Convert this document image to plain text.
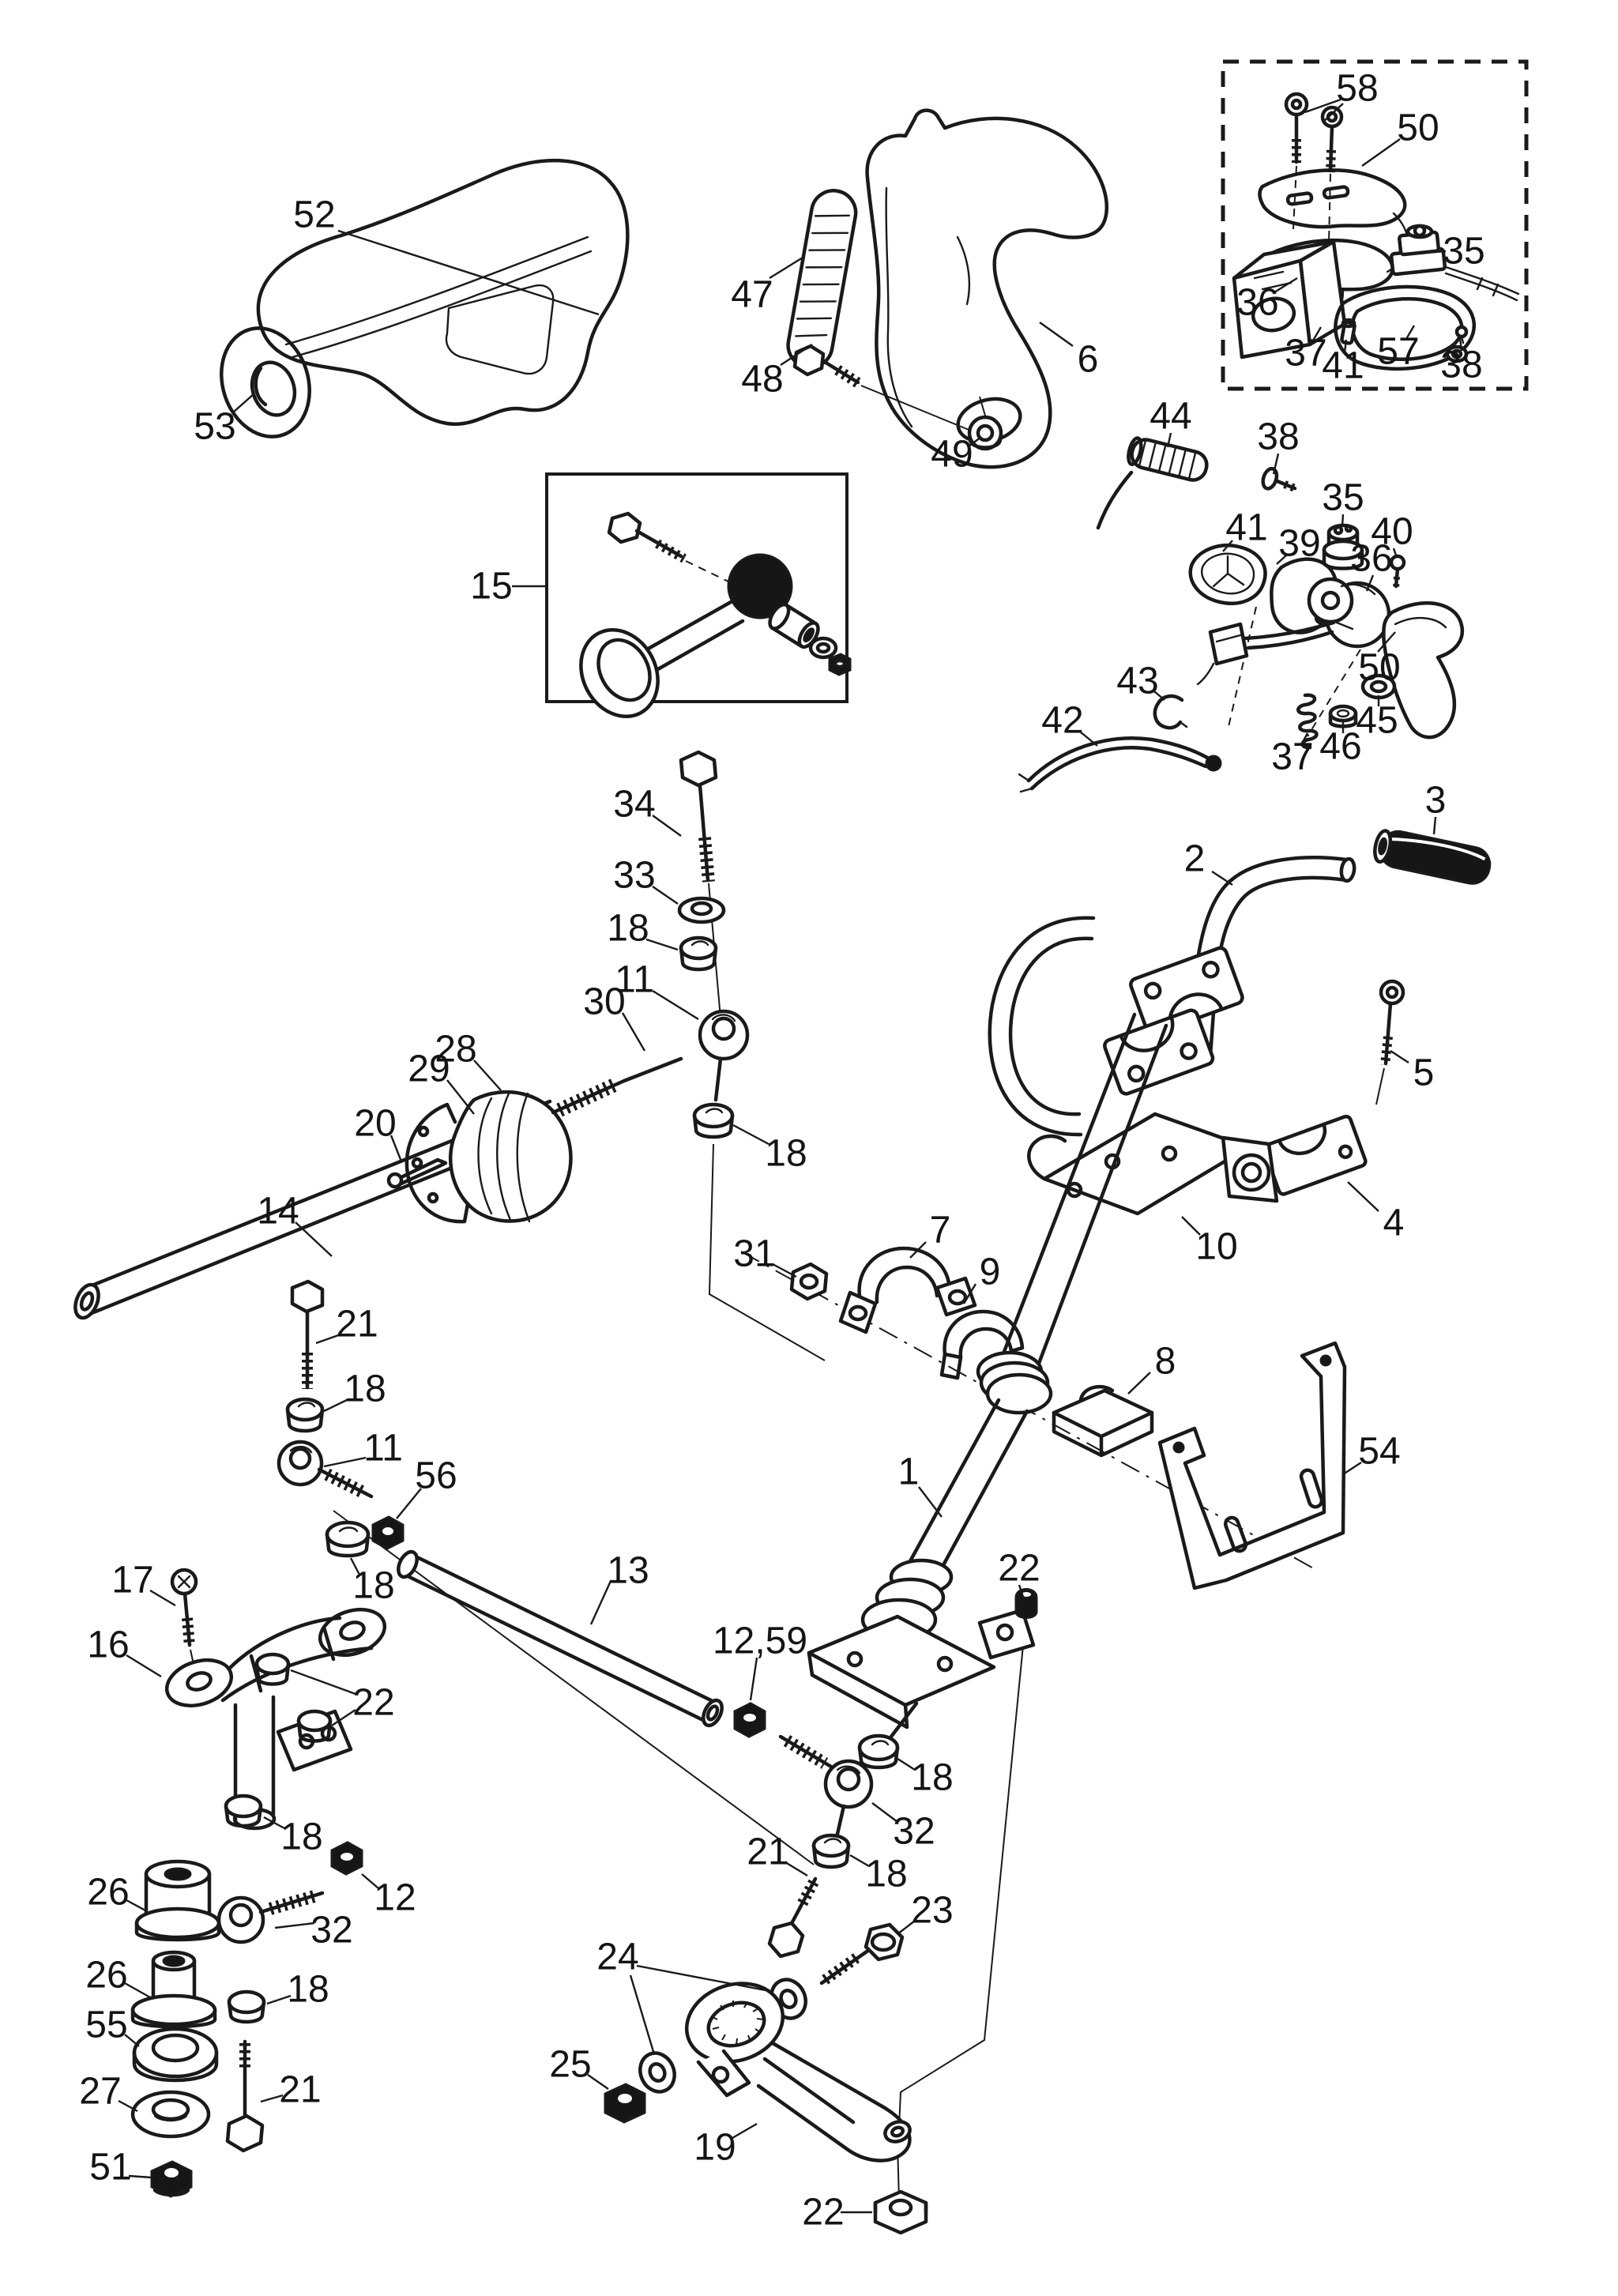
52
53
15
47
48	6
49
58
50
35
36
37
41 57 38
44 38
35
40
41 39 36
50
43
42
37 46
45
3
2
5
4
10
7
9
31
8
54
1
34
33
18
11
30
28
29
20
14
18
21
18
11
56
13
17
16
18
22
12,59
22
18
32
18
21
23
24
25
19
22
18
12
32
18
21
26
26
55
27
51
